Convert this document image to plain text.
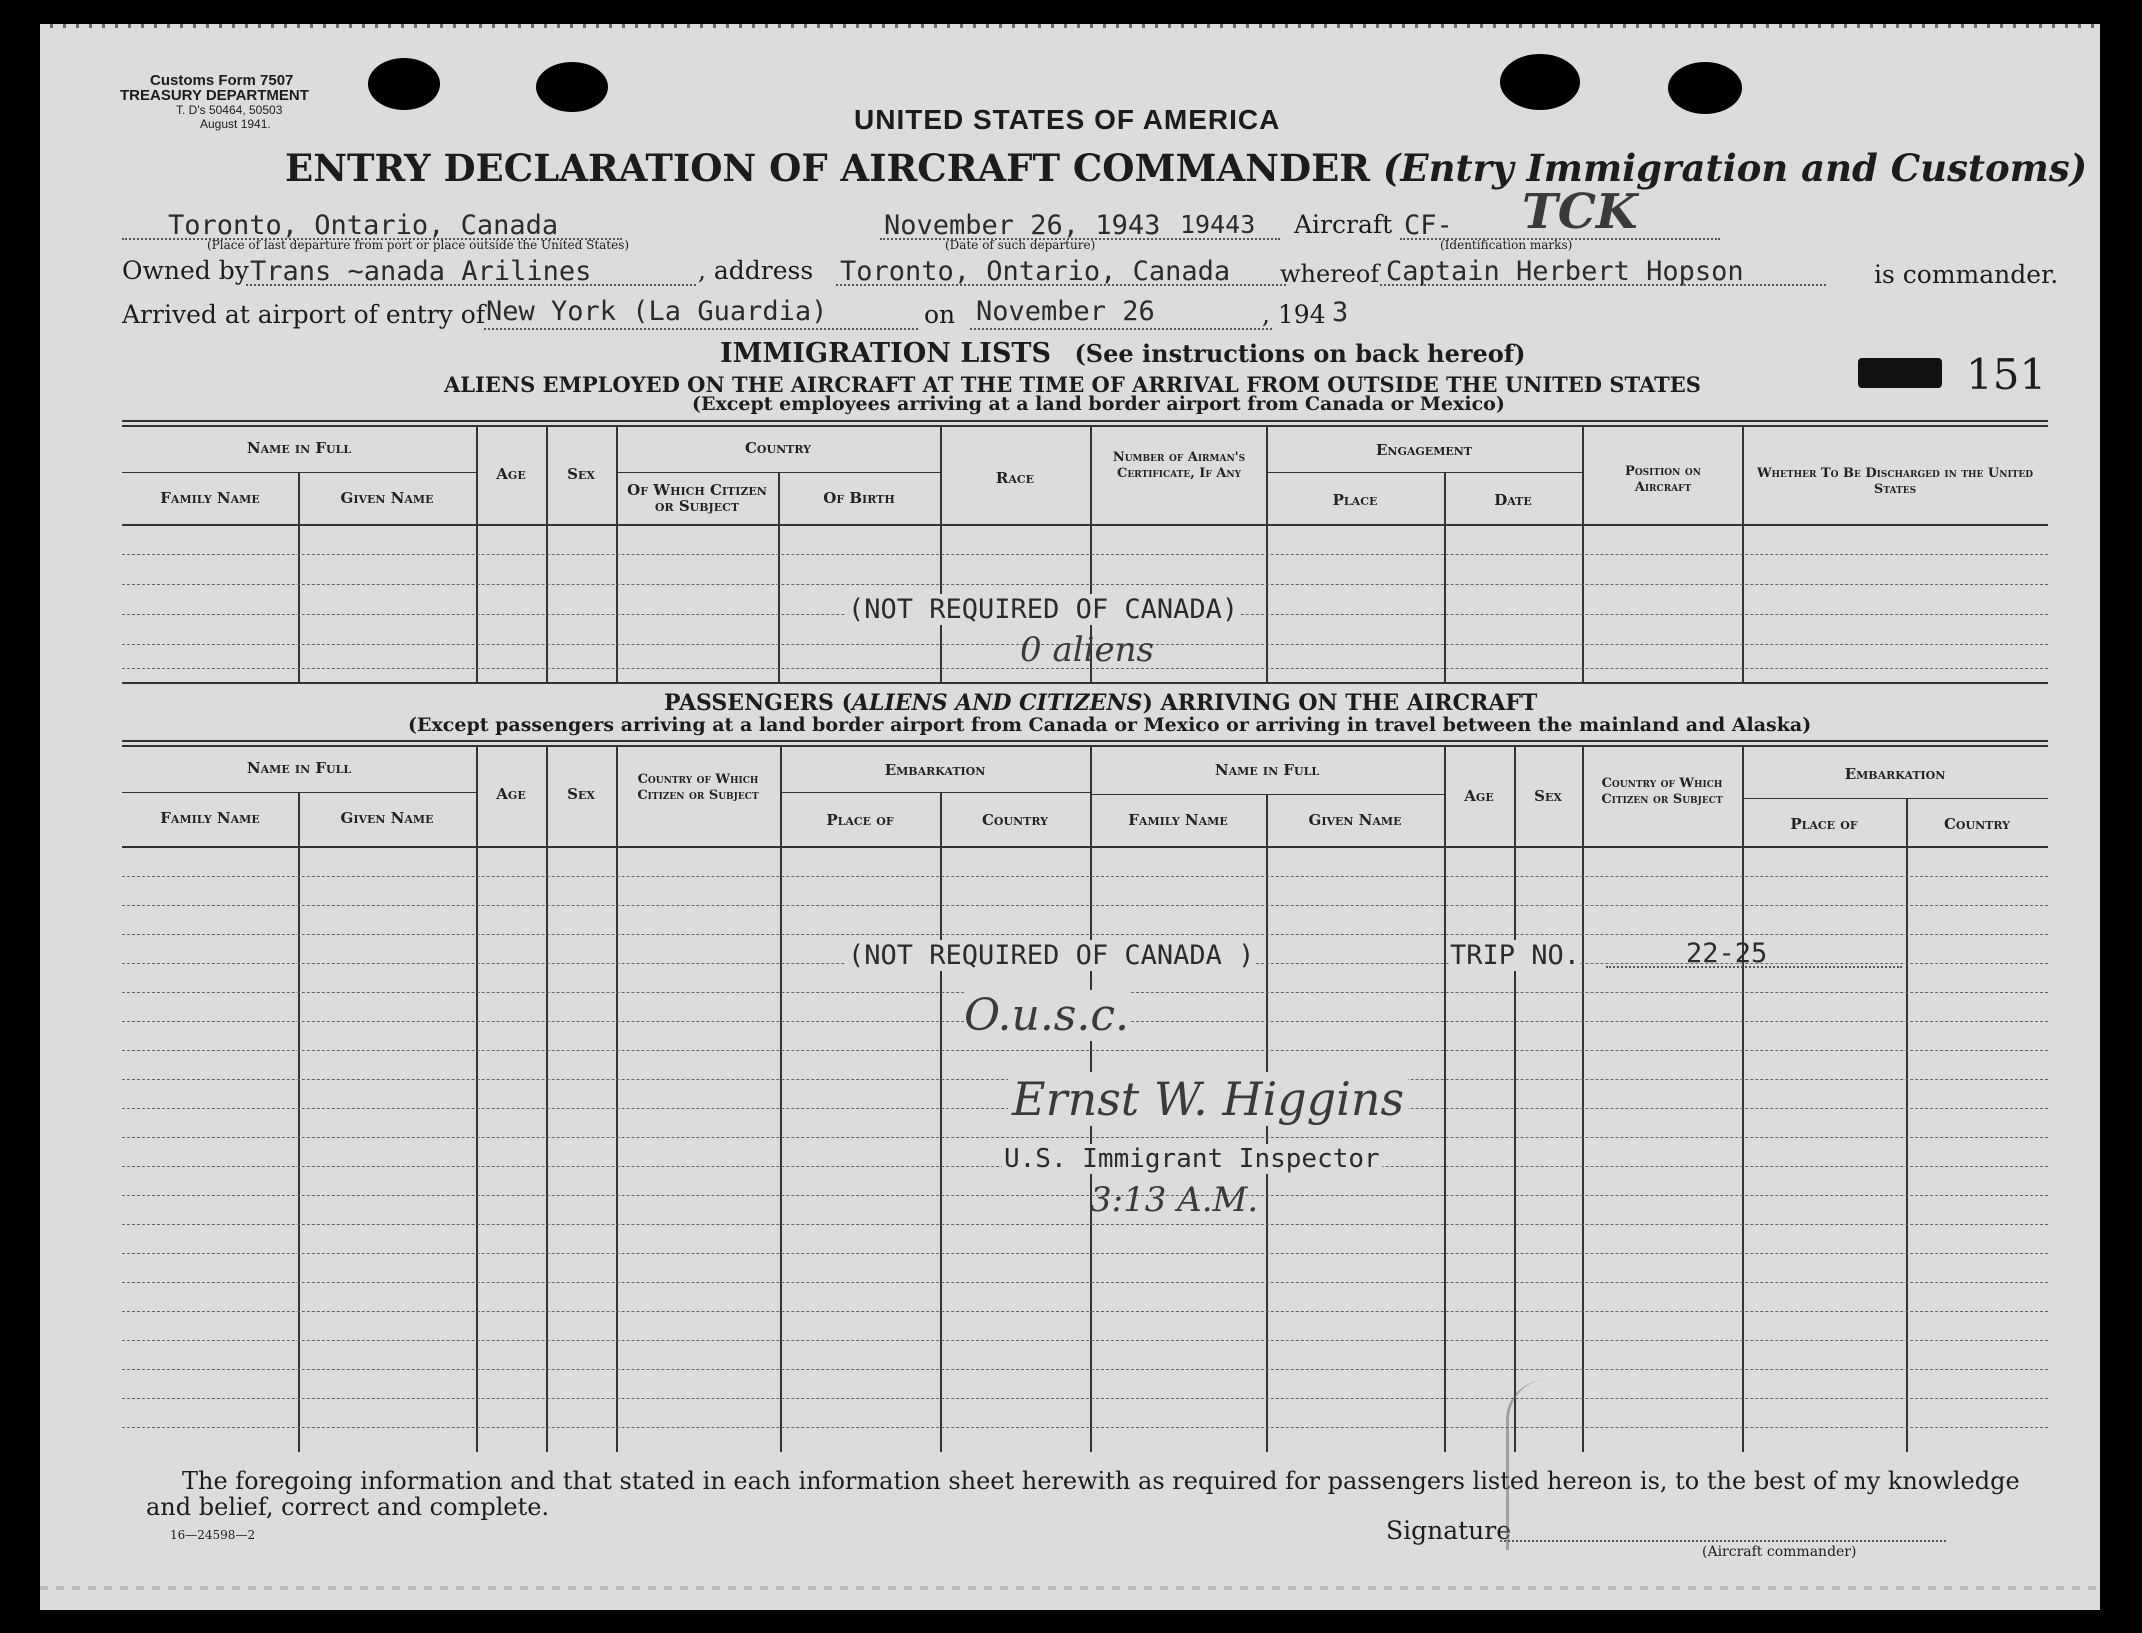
Customs Form 7507
TREASURY DEPARTMENT
T. D's 50464, 50503
August 1941.	UNITED STATES OF AMERICA
ENTRY DECLARATION OF AIRCRAFT COMMANDER (Entry Immigration and Customs)
Toronto, Ontario, Canada
(Place of last departure from port or place outside the United States)
November 26, 1943 19443
(Date of such departure)
Aircraft CF- TCK
(Identification marks)
Owned by Trans ~anada Arilines	, address Toronto, Ontario, Canada whereof Captain Herbert Hopson	is commander.
Arrived at airport of entry of New York (La Guardia)	on November 26	, 194 3
151
IMMIGRATION LISTS (See instructions on back hereof)
ALIENS EMPLOYED ON THE AIRCRAFT AT THE TIME OF ARRIVAL FROM OUTSIDE THE UNITED STATES
(Except employees arriving at a land border airport from Canada or Mexico)
Name in Full
Family Name	Given Name
Age	Sex
Country
Of Which Citizen or Subject	Of Birth
Race
Number of Airman's Certificate, If Any
Engagement
Place	Date
Position on Aircraft
Whether To Be Discharged in the United States
(NOT REQUIRED OF CANADA)
0 aliens
PASSENGERS (ALIENS AND CITIZENS) ARRIVING ON THE AIRCRAFT
(Except passengers arriving at a land border airport from Canada or Mexico or arriving in travel between the mainland and Alaska)
Name in Full
Family Name	Given Name
Age	Sex
Country of Which Citizen or Subject
Embarkation
Place of	Country
Name in Full
Family Name	Given Name
Age	Sex
Country of Which Citizen or Subject
Embarkation
Place of	Country
(NOT REQUIRED OF CANADA )	TRIP NO.	22-25
O.u.s.c.
Ernst W. Higgins
U.S. Immigrant Inspector
3:13 A.M.
The foregoing information and that stated in each information sheet herewith as required for passengers listed hereon is, to the best of my knowledge and belief, correct and complete.
16—24598—2	Signature
(Aircraft commander)
